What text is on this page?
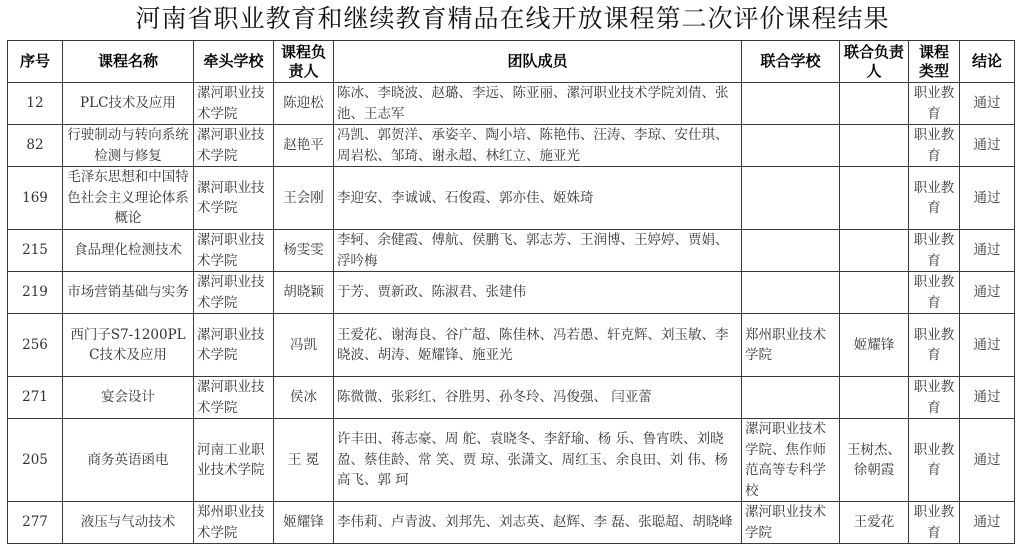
河南省职业教育和继续教育精品在线开放课程第二次评价课程结果
序号	课程名称	牵头学校	课程负责人	团队成员	联合学校	联合负责人	课程类型	结论
12	PLC技术及应用	漯河职业技术学院	陈迎松	陈冰、李晓波、赵璐、李远、陈亚丽、漯河职业技术学院刘倩、张池、王志军			职业教育	通过
82	行驶制动与转向系统检测与修复	漯河职业技术学院	赵艳平	冯凯、郭贺洋、承姿辛、陶小培、陈艳伟、汪涛、李琼、安仕琪、周岩松、邹琦、谢永超、林红立、施亚光			职业教育	通过
169	毛泽东思想和中国特色社会主义理论体系概论	漯河职业技术学院	王会刚	李迎安、李诚诚、石俊霞、郭亦佳、姬姝琦			职业教育	通过
215	食品理化检测技术	漯河职业技术学院	杨雯雯	李轲、余健霞、傅航、侯鹏飞、郭志芳、王润博、王婷婷、贾娟、浮吟梅			职业教育	通过
219	市场营销基础与实务	漯河职业技术学院	胡晓颖	于芳、贾新政、陈淑君、张建伟			职业教育	通过
256	西门子S7-1200PLC技术及应用	漯河职业技术学院	冯凯	王爱花、谢海良、谷广超、陈佳林、冯若愚、轩克辉、刘玉敏、李晓波、胡涛、姬耀锋、施亚光	郑州职业技术学院	姬耀锋	职业教育	通过
271	宴会设计	漯河职业技术学院	侯冰	陈微微、张彩红、谷胜男、孙冬玲、冯俊强、 闫亚蕾			职业教育	通过
205	商务英语函电	河南工业职业技术学院	王 冕	许丰田、蒋志豪、周 舵、袁晓冬、李舒瑜、杨 乐、鲁宵昳、刘晓盈、蔡佳龄、常 笑、贾 琼、张潇文、周红玉、余良田、刘 伟、杨高飞、郭 珂	漯河职业技术学院、焦作师范高等专科学校	王树杰、徐朝霞	职业教育	通过
277	液压与气动技术	郑州职业技术学院	姬耀锋	李伟莉、卢青波、刘邦先、刘志英、赵辉、李 磊、张聪超、胡晓峰	漯河职业技术学院	王爱花	职业教育	通过
